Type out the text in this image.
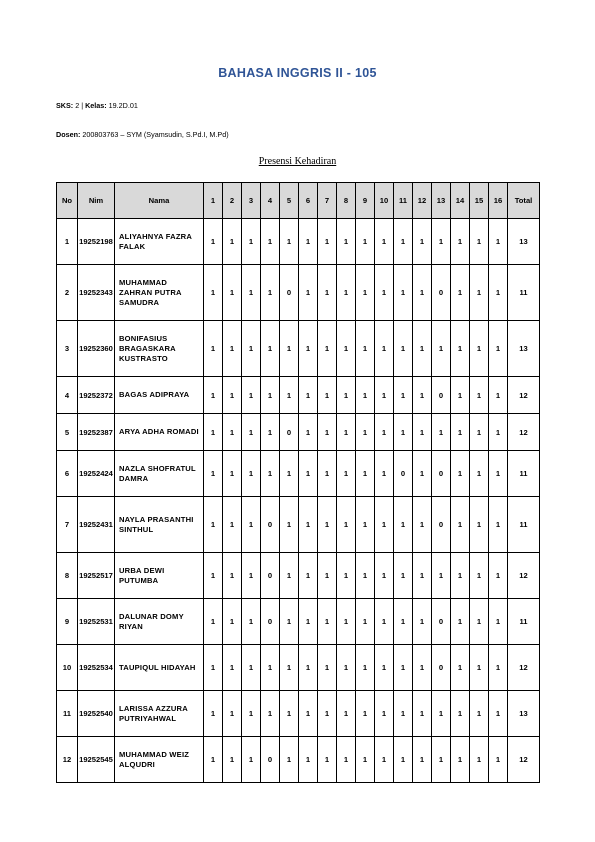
BAHASA INGGRIS II - 105
SKS: 2 | Kelas: 19.2D.01
Dosen: 200803763 – SYM (Syamsudin, S.Pd.I, M.Pd)
Presensi Kehadiran
No	Nim	Nama	1	2	3	4	5	6	7	8	9	10	11	12	13	14	15	16	Total
1	19252198	ALIYAHNYA FAZRA FALAK	1	1	1	1	1	1	1	1	1	1	1	1	1	1	1	1	13
2	19252343	MUHAMMAD ZAHRAN PUTRA SAMUDRA	1	1	1	1	0	1	1	1	1	1	1	1	0	1	1	1	11
3	19252360	BONIFASIUS BRAGASKARA KUSTRASTO	1	1	1	1	1	1	1	1	1	1	1	1	1	1	1	1	13
4	19252372	BAGAS ADIPRAYA	1	1	1	1	1	1	1	1	1	1	1	1	0	1	1	1	12
5	19252387	ARYA ADHA ROMADI	1	1	1	1	0	1	1	1	1	1	1	1	1	1	1	1	12
6	19252424	NAZLA SHOFRATUL DAMRA	1	1	1	1	1	1	1	1	1	1	0	1	0	1	1	1	11
7	19252431	NAYLA PRASANTHI SINTHUL	1	1	1	0	1	1	1	1	1	1	1	1	0	1	1	1	11
8	19252517	URBA DEWI PUTUMBA	1	1	1	0	1	1	1	1	1	1	1	1	1	1	1	1	12
9	19252531	DALUNAR DOMY RIYAN	1	1	1	0	1	1	1	1	1	1	1	1	0	1	1	1	11
10	19252534	TAUPIQUL HIDAYAH	1	1	1	1	1	1	1	1	1	1	1	1	0	1	1	1	12
11	19252540	LARISSA AZZURA PUTRIYAHWAL	1	1	1	1	1	1	1	1	1	1	1	1	1	1	1	1	13
12	19252545	MUHAMMAD WEIZ ALQUDRI	1	1	1	0	1	1	1	1	1	1	1	1	1	1	1	1	12
